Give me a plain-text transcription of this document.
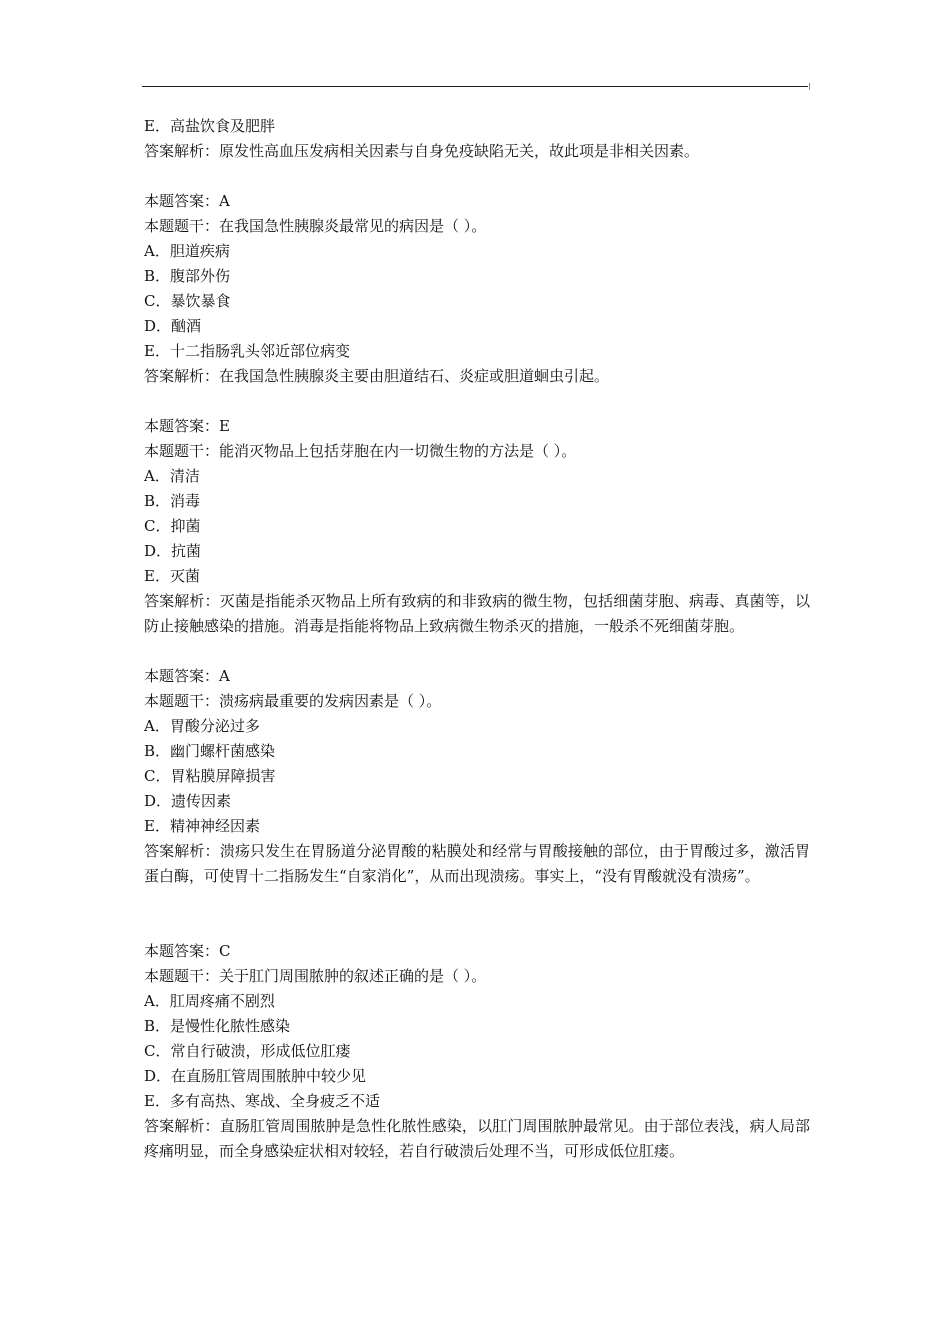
E．高盐饮食及肥胖
答案解析：原发性高血压发病相关因素与自身免疫缺陷无关，故此项是非相关因素。
本题答案：A
本题题干：在我国急性胰腺炎最常见的病因是（ ）。
A．胆道疾病
B．腹部外伤
C．暴饮暴食
D．酗酒
E．十二指肠乳头邻近部位病变
答案解析：在我国急性胰腺炎主要由胆道结石、炎症或胆道蛔虫引起。
本题答案：E
本题题干：能消灭物品上包括芽胞在内一切微生物的方法是（ ）。
A．清洁
B．消毒
C．抑菌
D．抗菌
E．灭菌
答案解析：灭菌是指能杀灭物品上所有致病的和非致病的微生物，包括细菌芽胞、病毒、真菌等，以防止接触感染的措施。消毒是指能将物品上致病微生物杀灭的措施，一般杀不死细菌芽胞。
本题答案：A
本题题干：溃疡病最重要的发病因素是（ ）。
A．胃酸分泌过多
B．幽门螺杆菌感染
C．胃粘膜屏障损害
D．遗传因素
E．精神神经因素
答案解析：溃疡只发生在胃肠道分泌胃酸的粘膜处和经常与胃酸接触的部位，由于胃酸过多，激活胃蛋白酶，可使胃十二指肠发生“自家消化”，从而出现溃疡。事实上，“没有胃酸就没有溃疡”。
本题答案：C
本题题干：关于肛门周围脓肿的叙述正确的是（ ）。
A．肛周疼痛不剧烈
B．是慢性化脓性感染
C．常自行破溃，形成低位肛瘘
D．在直肠肛管周围脓肿中较少见
E．多有高热、寒战、全身疲乏不适
答案解析：直肠肛管周围脓肿是急性化脓性感染，以肛门周围脓肿最常见。由于部位表浅，病人局部疼痛明显，而全身感染症状相对较轻，若自行破溃后处理不当，可形成低位肛瘘。
